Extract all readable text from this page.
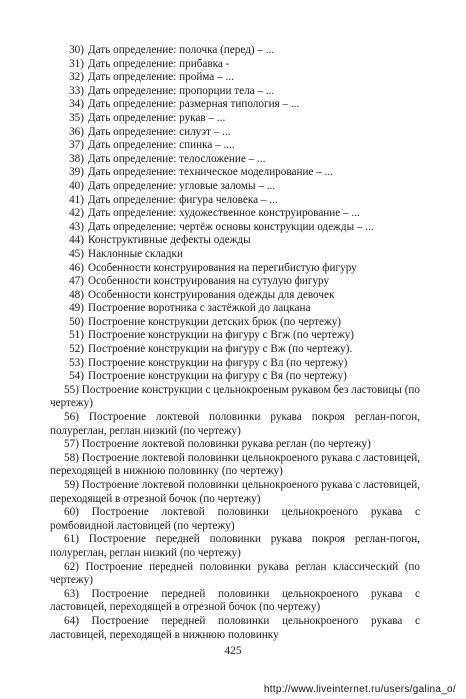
30) Дать определение: полочка (перед) – ...
31) Дать определение: прибавка -
32) Дать определение: пройма – ...
33) Дать определение: пропорции тела – ...
34) Дать определение: размерная типология – ...
35) Дать определение: рукав – ...
36) Дать определение: силуэт – ...
37) Дать определение: спинка – ....
38) Дать определение: телосложение – ...
39) Дать определение: техническое моделирование – ...
40) Дать определение: угловые заломы – ...
41) Дать определение: фигура человека – ...
42) Дать определение: художественное конструирование – ...
43) Дать определение: чертёж основы конструкции одежды – ...
44) Конструктивные дефекты одежды
45) Наклонные складки
46) Особенности конструирования на перегибистую фигуру
47) Особенности конструирования на сутулую фигуру
48) Особенности конструирования одежды для девочек
49) Построение воротника с застёжкой до лацкана
50) Построение конструкции детских брюк (по чертежу)
51) Построение конструкции на фигуру с Вгж (по чертежу)
52) Построение конструкции на фигуру с Вж (по чертежу).
53) Построение конструкции на фигуру с Вл (по чертежу)
54) Построение конструкции на фигуру с Вя (по чертежу)
55) Построение конструкции с цельнокроеным рукавом без ластовицы (по чертежу)
56) Построение локтевой половинки рукава покроя реглан-погон, полуреглан, реглан низкий (по чертежу)
57) Построение локтевой половинки рукава реглан (по чертежу)
58) Построение локтевой половинки цельнокроеного рукава с ластовицей, переходящей в нижнюю половинку (по чертежу)
59) Построение локтевой половинки цельнокроеного рукава с ластовицей, переходящей в отрезной бочок (по чертежу)
60) Построение локтевой половинки цельнокроеного рукава с ромбовидной ластовицей (по чертежу)
61) Построение передней половинки рукава покроя реглан-погон, полуреглан, реглан низкий (по чертежу)
62) Построение передней половинки рукава реглан классический (по чертежу)
63) Построение передней половинки цельнокроеного рукава с ластовицей, переходящей в отрезной бочок (по чертежу)
64) Построение передней половинки цельнокроеного рукава с ластовицей, переходящей в нижнюю половинку
425
http://www.liveinternet.ru/users/galina_o/
